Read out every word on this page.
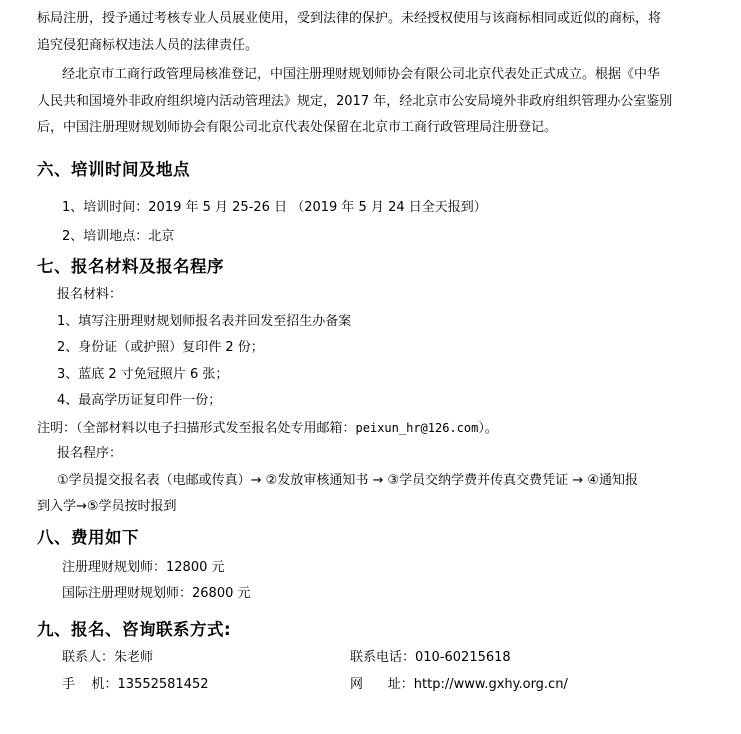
标局注册，授予通过考核专业人员展业使用，受到法律的保护。未经授权使用与该商标相同或近似的商标，将
追究侵犯商标权违法人员的法律责任。
经北京市工商行政管理局核准登记，中国注册理财规划师协会有限公司北京代表处正式成立。根据《中华
人民共和国境外非政府组织境内活动管理法》规定，2017 年，经北京市公安局境外非政府组织管理办公室鉴别
后，中国注册理财规划师协会有限公司北京代表处保留在北京市工商行政管理局注册登记。
六、培训时间及地点
1、培训时间：2019 年 5 月 25-26 日 （2019 年 5 月 24 日全天报到）
2、培训地点：北京
七、报名材料及报名程序
报名材料：
1、填写注册理财规划师报名表并回发至招生办备案
2、身份证（或护照）复印件 2 份；
3、蓝底 2 寸免冠照片 6 张；
4、最高学历证复印件一份；
注明：（全部材料以电子扫描形式发至报名处专用邮箱：peixun_hr@126.com）。
报名程序：
①学员提交报名表（电邮或传真）→ ②发放审核通知书 → ③学员交纳学费并传真交费凭证 → ④通知报
到入学→⑤学员按时报到
八、费用如下
注册理财规划师：12800 元
国际注册理财规划师：26800 元
九、报名、咨询联系方式:
联系人：朱老师	联系电话：010-60215618
手    机：13552581452	网      址：http://www.gxhy.org.cn/
